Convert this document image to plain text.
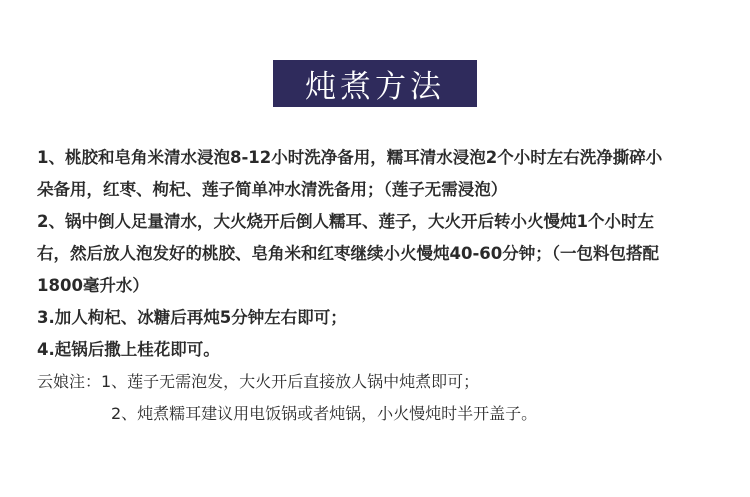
炖煮方法
1、桃胶和皂角米清水浸泡8-12小时洗净备用，糯耳清水浸泡2个小时左右洗净撕碎小
朵备用，红枣、枸杞、莲子简单冲水清洗备用；（莲子无需浸泡）
2、锅中倒人足量清水，大火烧开后倒人糯耳、莲子，大火开后转小火慢炖1个小时左
右，然后放人泡发好的桃胶、皂角米和红枣继续小火慢炖40-60分钟；（一包料包搭配
1800毫升水）
3.加人枸杞、冰糖后再炖5分钟左右即可；
4.起锅后撒上桂花即可。
云娘注：1、莲子无需泡发，大火开后直接放人锅中炖煮即可；
2、炖煮糯耳建议用电饭锅或者炖锅，小火慢炖时半开盖子。
